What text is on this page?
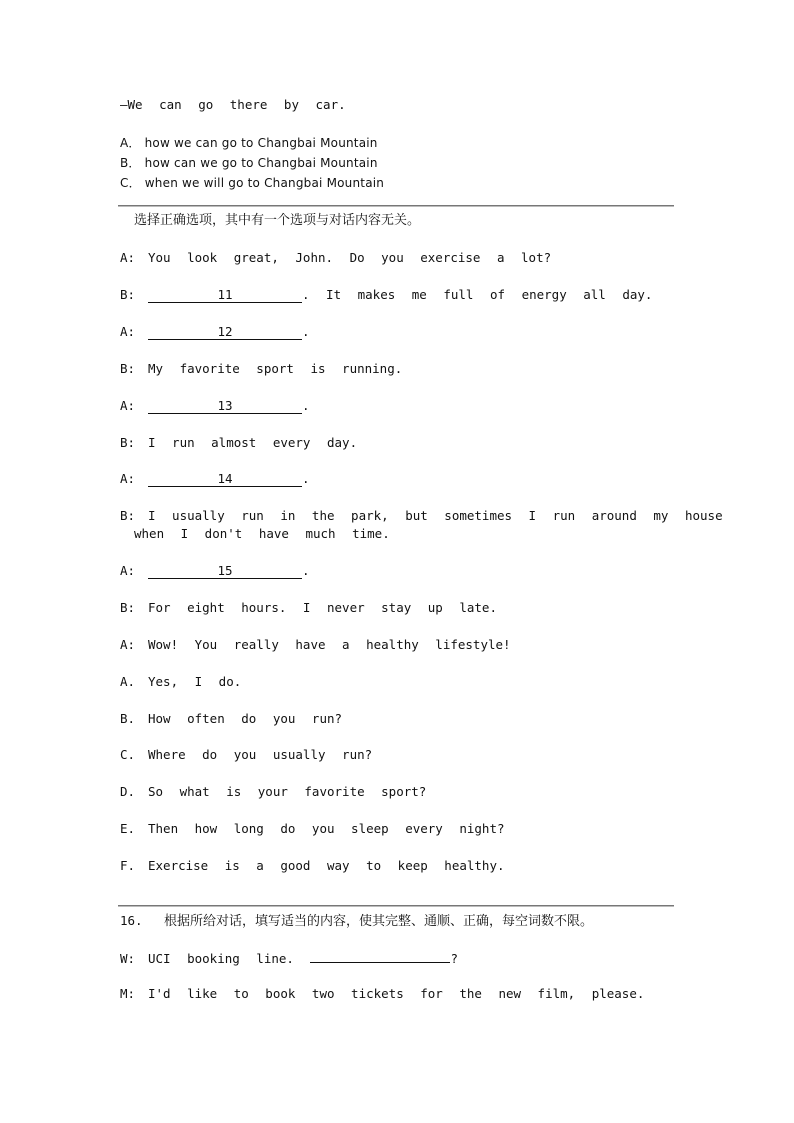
—We can go there by car.
A． how we can go to Changbai Mountain
B． how can we go to Changbai Mountain
C． when we will go to Changbai Mountain
选择正确选项，其中有一个选项与对话内容无关。
A: You look great, John. Do you exercise a lot?
B:	11	. It makes me full of energy all day.
A:	12	.
B: My favorite sport is running.
A:	13	.
B: I run almost every day.
A:	14	.
B: I usually run in the park, but sometimes I run around my house
when I don't have much time.
A:	15	.
B: For eight hours. I never stay up late.
A: Wow! You really have a healthy lifestyle!
A. Yes, I do.
B. How often do you run?
C. Where do you usually run?
D. So what is your favorite sport?
E. Then how long do you sleep every night?
F. Exercise is a good way to keep healthy.
16. 根据所给对话，填写适当的内容，使其完整、通顺、正确，每空词数不限。
W: UCI booking line.	?
M: I'd like to book two tickets for the new film, please.
